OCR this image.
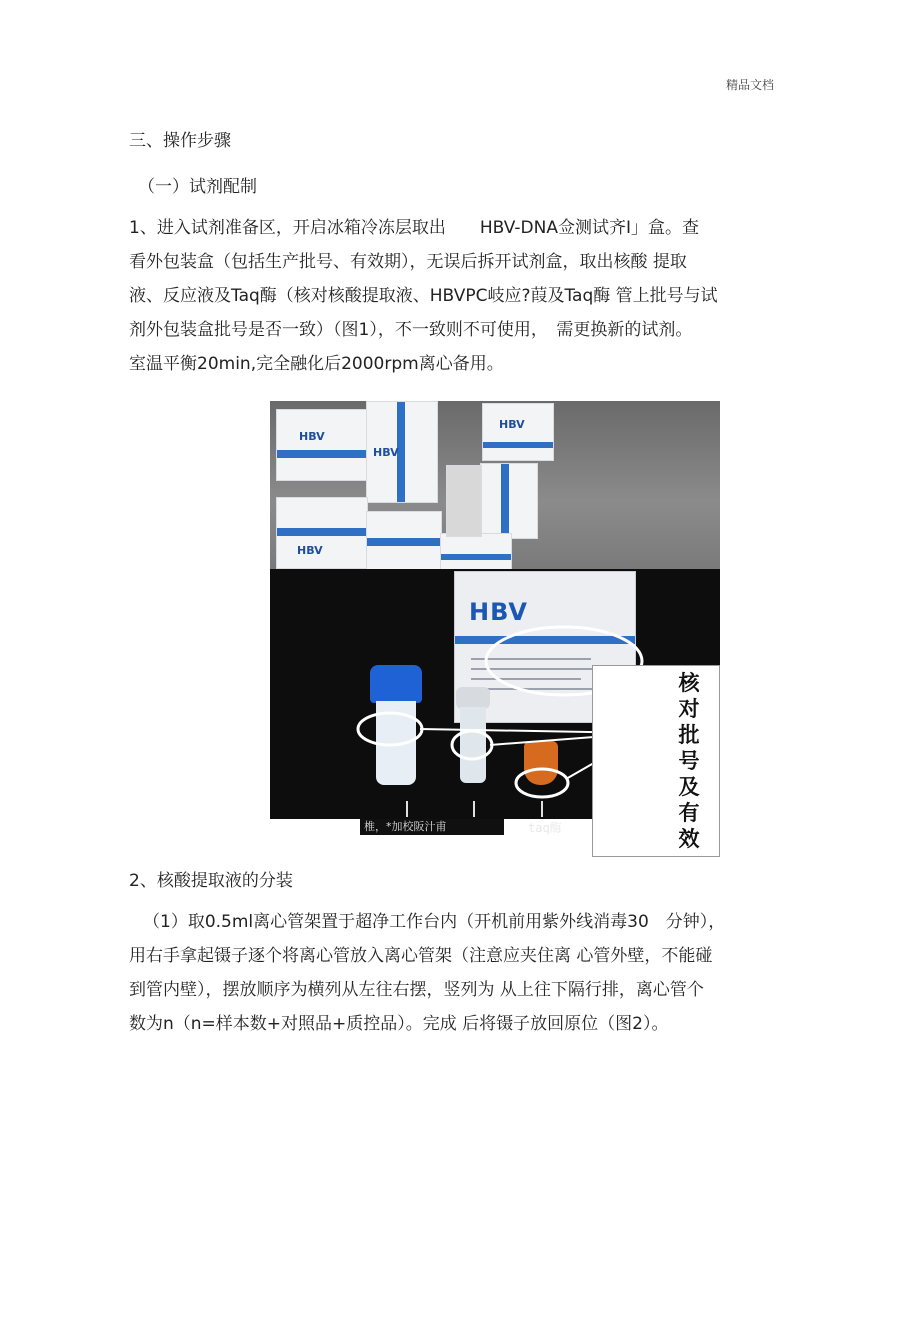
精品文档
三、操作步骤
（一）试剂配制
1、进入试剂准备区，开启冰箱冷冻层取出　　HBV-DNA佥测试齐I」盒。查
看外包装盒（包括生产批号、有效期），无误后拆开试剂盒，取出核酸 提取
液、反应液及Taq酶（核对核酸提取液、HBVPC岐应?葭及Taq酶 管上批号与试
剂外包装盒批号是否一致）（图1），不一致则不可使用，　需更换新的试剂。
室温平衡20min,完全融化后2000rpm离心备用。
HBV
HBV
HBV
HBV
HBV
椎，*加校阪汁甫	taq酶
核
对
批
号
及
有
效
2、核酸提取液的分装
（1）取0.5ml离心管架置于超净工作台内（开机前用紫外线消毒30　分钟），
用右手拿起镊子逐个将离心管放入离心管架（注意应夹住离 心管外壁，不能碰
到管内壁），摆放顺序为横列从左往右摆，竖列为 从上往下隔行排，离心管个
数为n（n=样本数+对照品+质控品）。完成 后将镊子放回原位（图2）。
